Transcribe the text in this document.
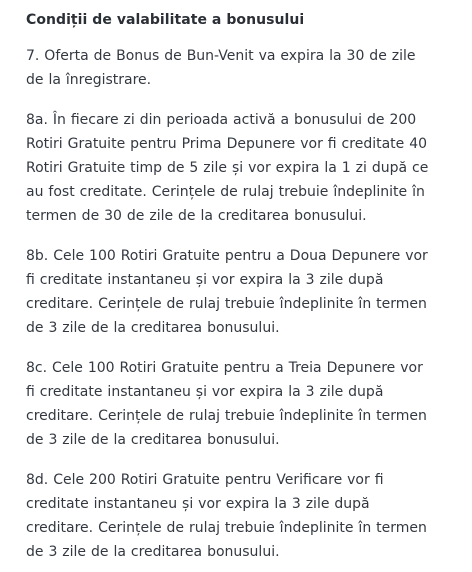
Condiții de valabilitate a bonusului

7. Oferta de Bonus de Bun-Venit va expira la 30 de zile
de la înregistrare.

8a. În fiecare zi din perioada activă a bonusului de 200
Rotiri Gratuite pentru Prima Depunere vor fi creditate 40
Rotiri Gratuite timp de 5 zile și vor expira la 1 zi după ce
au fost creditate. Cerințele de rulaj trebuie îndeplinite în
termen de 30 de zile de la creditarea bonusului.

8b. Cele 100 Rotiri Gratuite pentru a Doua Depunere vor
fi creditate instantaneu și vor expira la 3 zile după
creditare. Cerințele de rulaj trebuie îndeplinite în termen
de 3 zile de la creditarea bonusului.

8c. Cele 100 Rotiri Gratuite pentru a Treia Depunere vor
fi creditate instantaneu și vor expira la 3 zile după
creditare. Cerințele de rulaj trebuie îndeplinite în termen
de 3 zile de la creditarea bonusului.

8d. Cele 200 Rotiri Gratuite pentru Verificare vor fi
creditate instantaneu și vor expira la 3 zile după
creditare. Cerințele de rulaj trebuie îndeplinite în termen
de 3 zile de la creditarea bonusului.
